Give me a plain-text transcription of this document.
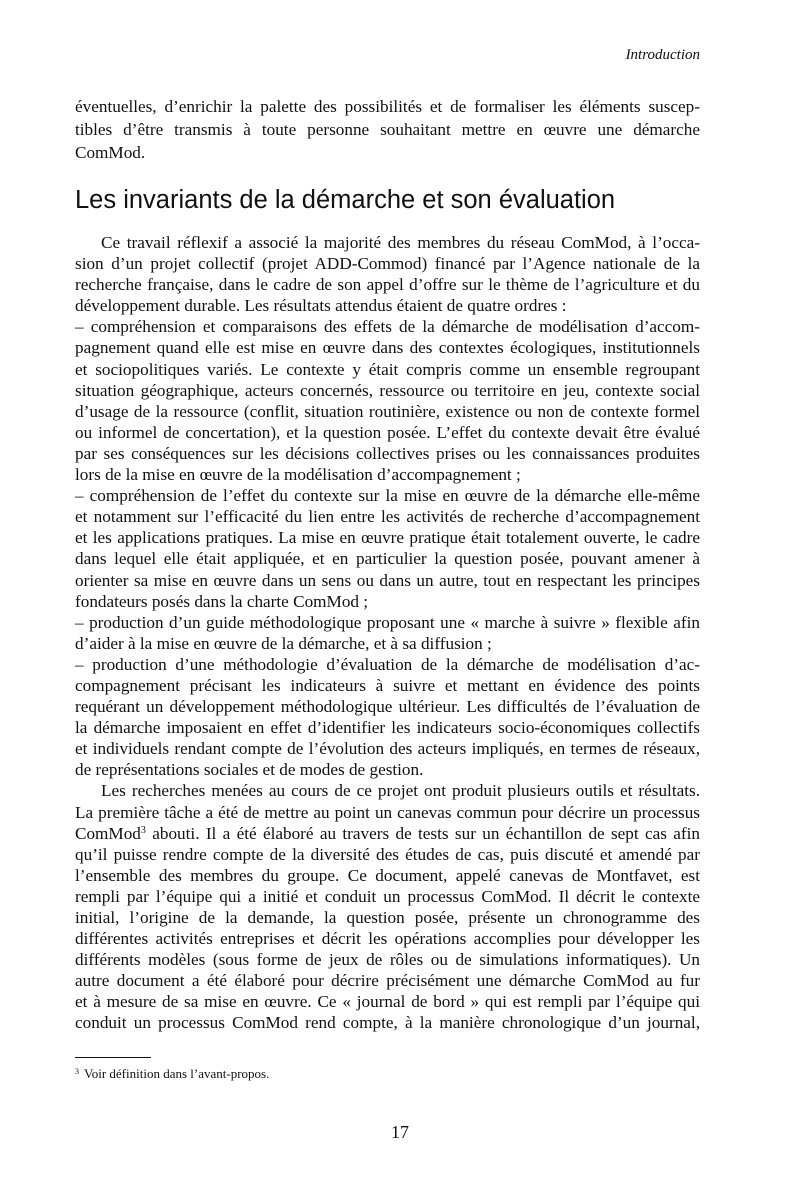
Introduction
éventuelles, d’enrichir la palette des possibilités et de formaliser les éléments suscep-
tibles d’être transmis à toute personne souhaitant mettre en œuvre une démarche
ComMod.
Les invariants de la démarche et son évaluation
Ce travail réflexif a associé la majorité des membres du réseau ComMod, à l’occa-
sion d’un projet collectif (projet ADD-Commod) financé par l’Agence nationale de la
recherche française, dans le cadre de son appel d’offre sur le thème de l’agriculture et du
développement durable. Les résultats attendus étaient de quatre ordres :
– compréhension et comparaisons des effets de la démarche de modélisation d’accom-
pagnement quand elle est mise en œuvre dans des contextes écologiques, institutionnels
et sociopolitiques variés. Le contexte y était compris comme un ensemble regroupant
situation géographique, acteurs concernés, ressource ou territoire en jeu, contexte social
d’usage de la ressource (conflit, situation routinière, existence ou non de contexte formel
ou informel de concertation), et la question posée. L’effet du contexte devait être évalué
par ses conséquences sur les décisions collectives prises ou les connaissances produites
lors de la mise en œuvre de la modélisation d’accompagnement ;
– compréhension de l’effet du contexte sur la mise en œuvre de la démarche elle-même
et notamment sur l’efficacité du lien entre les activités de recherche d’accompagnement
et les applications pratiques. La mise en œuvre pratique était totalement ouverte, le cadre
dans lequel elle était appliquée, et en particulier la question posée, pouvant amener à
orienter sa mise en œuvre dans un sens ou dans un autre, tout en respectant les principes
fondateurs posés dans la charte ComMod ;
– production d’un guide méthodologique proposant une « marche à suivre » flexible afin
d’aider à la mise en œuvre de la démarche, et à sa diffusion ;
– production d’une méthodologie d’évaluation de la démarche de modélisation d’ac-
compagnement précisant les indicateurs à suivre et mettant en évidence des points
requérant un développement méthodologique ultérieur. Les difficultés de l’évaluation de
la démarche imposaient en effet d’identifier les indicateurs socio-économiques collectifs
et individuels rendant compte de l’évolution des acteurs impliqués, en termes de réseaux,
de représentations sociales et de modes de gestion.
Les recherches menées au cours de ce projet ont produit plusieurs outils et résultats.
La première tâche a été de mettre au point un canevas commun pour décrire un processus
ComMod$^3$ abouti. Il a été élaboré au travers de tests sur un échantillon de sept cas afin
qu’il puisse rendre compte de la diversité des études de cas, puis discuté et amendé par
l’ensemble des membres du groupe. Ce document, appelé canevas de Montfavet, est
rempli par l’équipe qui a initié et conduit un processus ComMod. Il décrit le contexte
initial, l’origine de la demande, la question posée, présente un chronogramme des
différentes activités entreprises et décrit les opérations accomplies pour développer les
différents modèles (sous forme de jeux de rôles ou de simulations informatiques). Un
autre document a été élaboré pour décrire précisément une démarche ComMod au fur
et à mesure de sa mise en œuvre. Ce « journal de bord » qui est rempli par l’équipe qui
conduit un processus ComMod rend compte, à la manière chronologique d’un journal,
$^3$ Voir définition dans l’avant-propos.
17
